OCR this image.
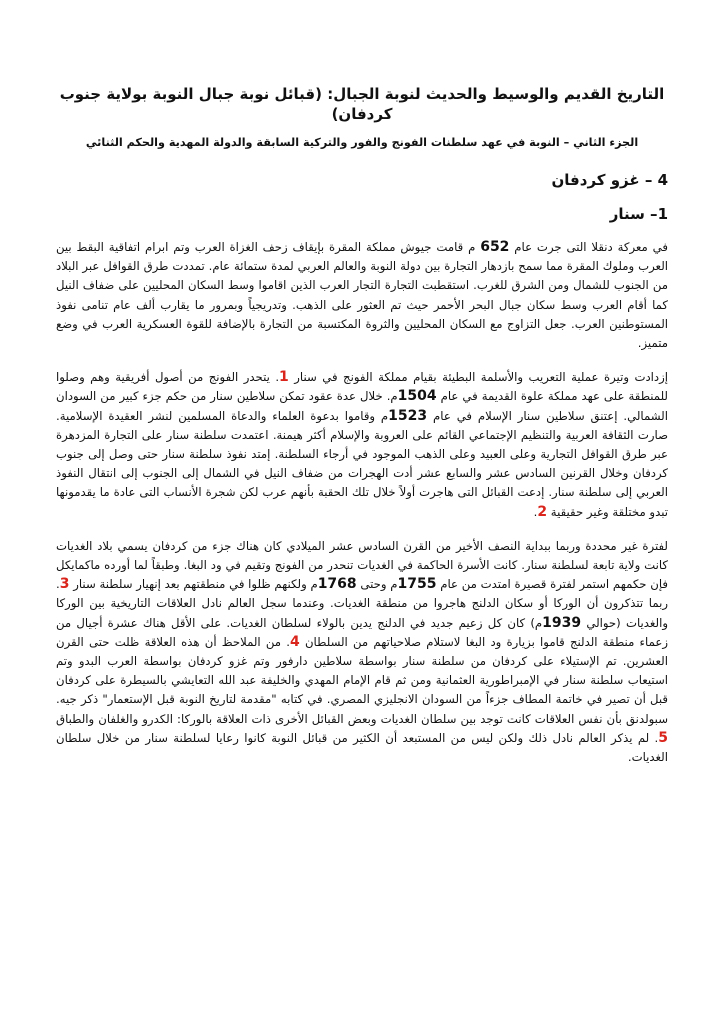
التاريخ القديم والوسيط والحديث لنوبة الجبال: (قبائل نوبة جبال النوبة بولاية جنوب كردفان)
الجزء الثاني – النوبة في عهد سلطنات الفونج والفور والتركية السابقة والدولة المهدية والحكم الثنائي
4 – غزو كردفان
1– سنار

في معركة دنقلا التى جرت عام 652 م قامت جيوش مملكة المقرة بإيقاف زحف الغزاة العرب وتم ابرام اتفاقية البقط بين العرب وملوك المقرة مما سمح بازدهار التجارة بين دولة النوبة والعالم العربي لمدة ستمائة عام. تمددت طرق القوافل عبر البلاد من الجنوب للشمال ومن الشرق للغرب. استقطبت التجارة التجار العرب الذين اقاموا وسط السكان المحليين على ضفاف النيل كما أقام العرب وسط سكان جبال البحر الأحمر حيث تم العثور على الذهب. وتدريجياً وبمرور ما يقارب ألف عام تنامى نفوذ المستوطنين العرب. جعل التزاوج مع السكان المحليين والثروة المكتسبة من التجارة بالإضافة للقوة العسكرية العرب في وضع متميز.

إزدادت وتيرة عملية التعريب والأسلمة البطيئة بقيام مملكة الفونج في سنار 1. يتحدر الفونج من أصول أفريقية وهم وصلوا للمنطقة على عهد مملكة علوة القديمة في عام 1504م. خلال عدة عقود تمكن سلاطين سنار من حكم جزء كبير من السودان الشمالي. إعتنق سلاطين سنار الإسلام في عام 1523م وقاموا بدعوة العلماء والدعاة المسلمين لنشر العقيدة الإسلامية. صارت الثقافة العربية والتنظيم الإجتماعي القائم على العروبة والإسلام أكثر هيمنة. اعتمدت سلطنة سنار على التجارة المزدهرة عبر طرق القوافل التجارية وعلى العبيد وعلى الذهب الموجود في أرجاء السلطنة. إمتد نفوذ سلطنة سنار حتى وصل إلى جنوب كردفان وخلال القرنين السادس عشر والسابع عشر أدت الهجرات من ضفاف النيل في الشمال إلى الجنوب إلى انتقال النفوذ العربي إلى سلطنة سنار. إدعت القبائل التى هاجرت أولاً خلال تلك الحقبة بأنهم عرب لكن شجرة الأنساب التى عادة ما يقدمونها تبدو مختلقة وغير حقيقية 2.

لفترة غير محددة وربما ببداية النصف الأخير من القرن السادس عشر الميلادي كان هناك جزء من كردفان يسمي بلاد الغديات كانت ولاية تابعة لسلطنة سنار. كانت الأسرة الحاكمة في الغديات تنحدر من الفونج وتقيم في ود البغا. وطبقاً لما أورده ماكمايكل فإن حكمهم استمر لفترة قصيرة امتدت من عام 1755م وحتى 1768م ولكنهم ظلوا في منطقتهم بعد إنهيار سلطنة سنار 3. ربما تتذكرون أن الوركا أو سكان الدلنج هاجروا من منطقة الغديات. وعندما سجل العالم نادل العلاقات التاريخية بين الوركا والغديات (حوالي 1939م) كان كل زعيم جديد في الدلنج يدين بالولاء لسلطان الغديات. على الأقل هناك عشرة أجيال من زعماء منطقة الدلنج قاموا بزيارة ود البغا لاستلام صلاحياتهم من السلطان 4. من الملاحظ أن هذه العلاقة ظلت حتى القرن العشرين. تم الإستيلاء على كردفان من سلطنة سنار بواسطة سلاطين دارفور وتم غزو كردفان بواسطة العرب البدو وتم استيعاب سلطنة سنار في الإمبراطورية العثمانية ومن ثم قام الإمام المهدي والخليفة عبد الله التعايشي بالسيطرة على كردفان قبل أن تصير في خاتمة المطاف جزءاً من السودان الانجليزي المصري. في كتابه "مقدمة لتاريخ النوبة قبل الإستعمار" ذكر جيه. سبولدنق بأن نفس العلاقات كانت توجد بين سلطان الغديات وبعض القبائل الأخرى ذات العلاقة بالوركا: الكدرو والغلفان والطباق 5. لم يذكر العالم نادل ذلك ولكن ليس من المستبعد أن الكثير من قبائل النوبة كانوا رعايا لسلطنة سنار من خلال سلطان الغديات.
